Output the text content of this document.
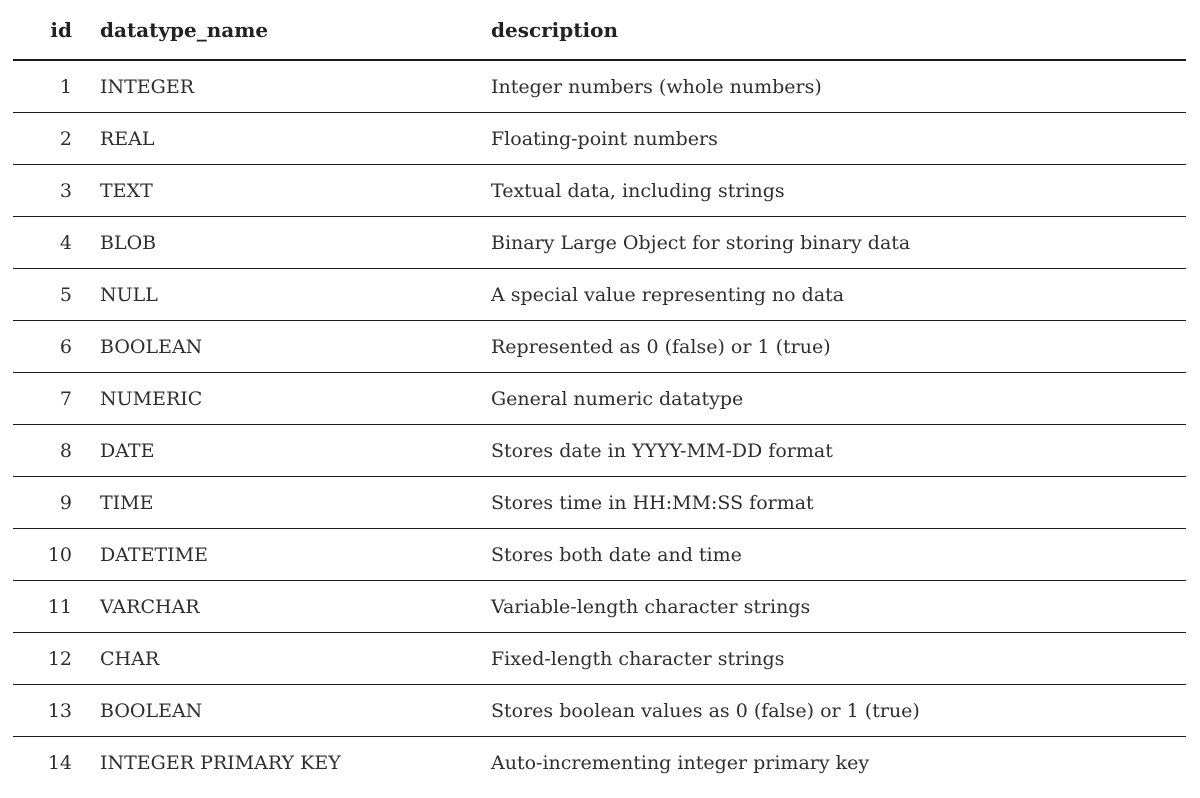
id	datatype_name	description
1	INTEGER	Integer numbers (whole numbers)
2	REAL	Floating-point numbers
3	TEXT	Textual data, including strings
4	BLOB	Binary Large Object for storing binary data
5	NULL	A special value representing no data
6	BOOLEAN	Represented as 0 (false) or 1 (true)
7	NUMERIC	General numeric datatype
8	DATE	Stores date in YYYY-MM-DD format
9	TIME	Stores time in HH:MM:SS format
10	DATETIME	Stores both date and time
11	VARCHAR	Variable-length character strings
12	CHAR	Fixed-length character strings
13	BOOLEAN	Stores boolean values as 0 (false) or 1 (true)
14	INTEGER PRIMARY KEY	Auto-incrementing integer primary key
